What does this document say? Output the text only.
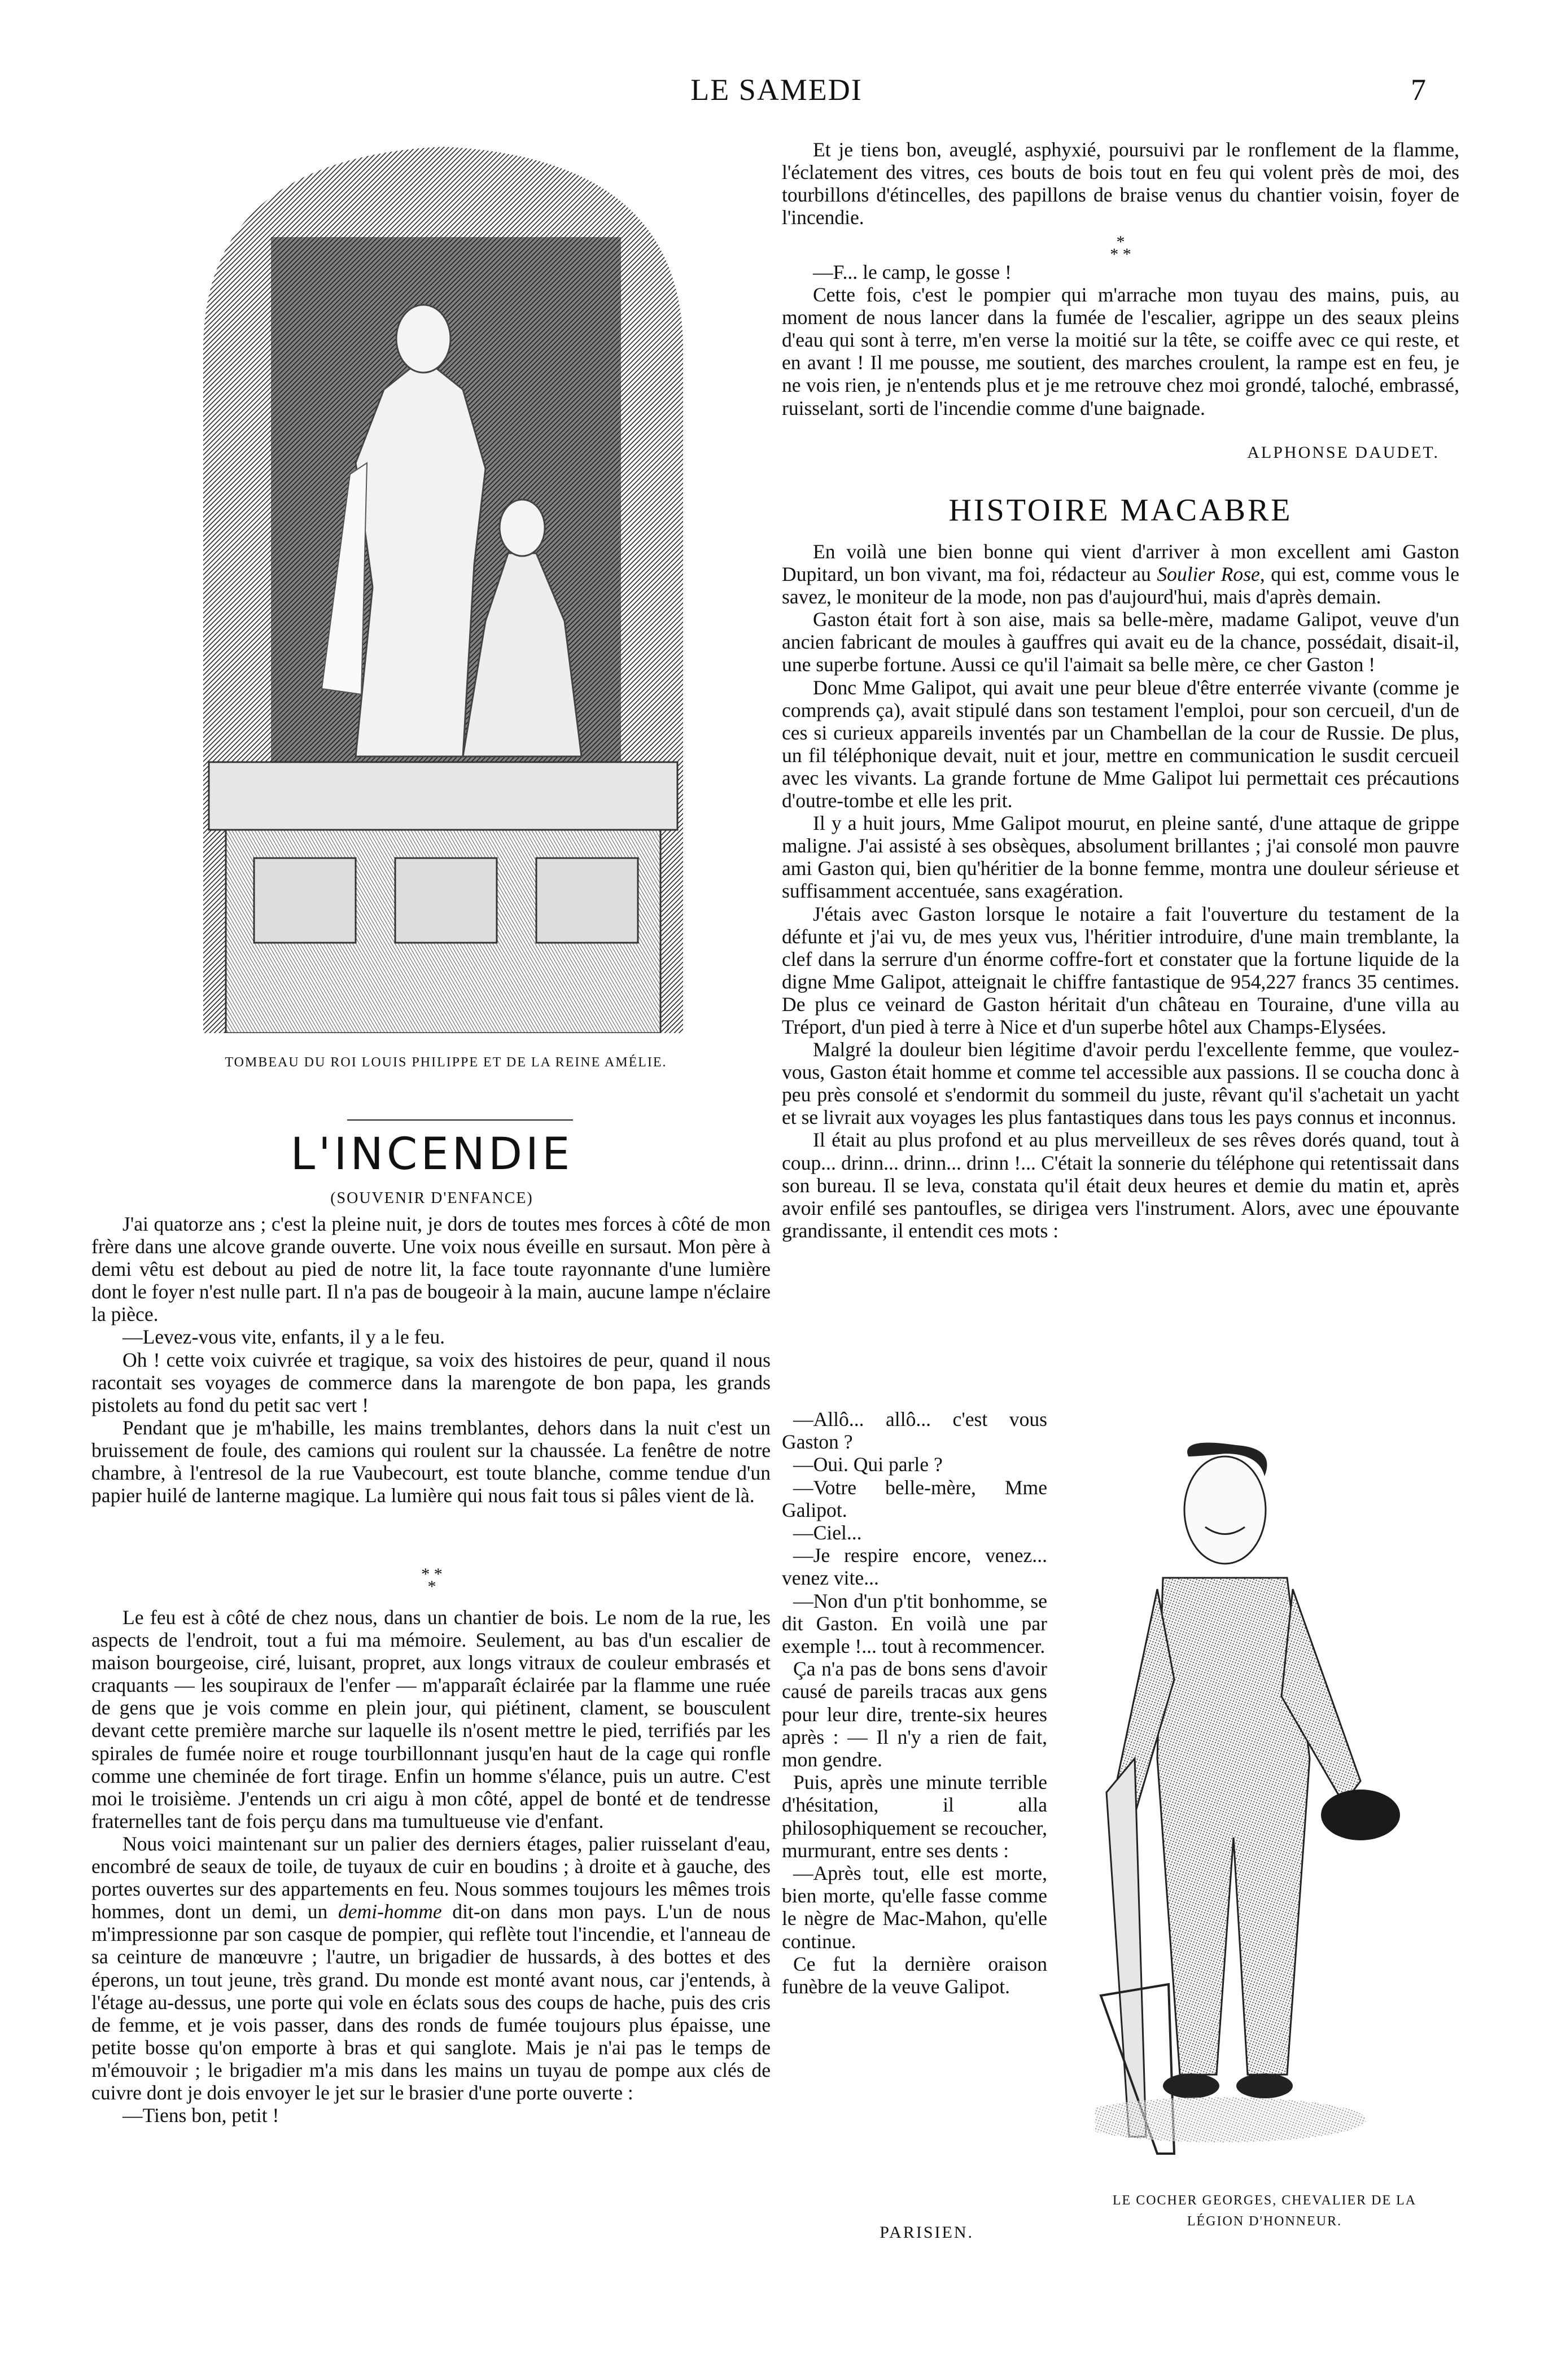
LE SAMEDI	7
TOMBEAU DU ROI LOUIS PHILIPPE ET DE LA REINE AMÉLIE.
L'INCENDIE
(SOUVENIR D'ENFANCE)

J'ai quatorze ans ; c'est la pleine nuit, je dors de toutes mes forces à côté de mon frère dans une alcove grande ouverte. Une voix nous éveille en sursaut. Mon père à demi vêtu est debout au pied de notre lit, la face toute rayonnante d'une lumière dont le foyer n'est nulle part. Il n'a pas de bougeoir à la main, aucune lampe n'éclaire la pièce.

—Levez-vous vite, enfants, il y a le feu.

Oh ! cette voix cuivrée et tragique, sa voix des histoires de peur, quand il nous racontait ses voyages de commerce dans la marengote de bon papa, les grands pistolets au fond du petit sac vert !

Pendant que je m'habille, les mains tremblantes, dehors dans la nuit c'est un bruissement de foule, des camions qui roulent sur la chaussée. La fenêtre de notre chambre, à l'entresol de la rue Vaubecourt, est toute blanche, comme tendue d'un papier huilé de lanterne magique. La lumière qui nous fait tous si pâles vient de là.

* *
*

Le feu est à côté de chez nous, dans un chantier de bois. Le nom de la rue, les aspects de l'endroit, tout a fui ma mémoire. Seulement, au bas d'un escalier de maison bourgeoise, ciré, luisant, propret, aux longs vitraux de couleur embrasés et craquants — les soupiraux de l'enfer — m'apparaît éclairée par la flamme une ruée de gens que je vois comme en plein jour, qui piétinent, clament, se bousculent devant cette première marche sur laquelle ils n'osent mettre le pied, terrifiés par les spirales de fumée noire et rouge tourbillonnant jusqu'en haut de la cage qui ronfle comme une cheminée de fort tirage. Enfin un homme s'élance, puis un autre. C'est moi le troisième. J'entends un cri aigu à mon côté, appel de bonté et de tendresse fraternelles tant de fois perçu dans ma tumultueuse vie d'enfant.

Nous voici maintenant sur un palier des derniers étages, palier ruisselant d'eau, encombré de seaux de toile, de tuyaux de cuir en boudins ; à droite et à gauche, des portes ouvertes sur des appartements en feu. Nous sommes toujours les mêmes trois hommes, dont un demi, un demi-homme dit-on dans mon pays. L'un de nous m'impressionne par son casque de pompier, qui reflète tout l'incendie, et l'anneau de sa ceinture de manœuvre ; l'autre, un brigadier de hussards, à des bottes et des éperons, un tout jeune, très grand. Du monde est monté avant nous, car j'entends, à l'étage au-dessus, une porte qui vole en éclats sous des coups de hache, puis des cris de femme, et je vois passer, dans des ronds de fumée toujours plus épaisse, une petite bosse qu'on emporte à bras et qui sanglote. Mais je n'ai pas le temps de m'émouvoir ; le brigadier m'a mis dans les mains un tuyau de pompe aux clés de cuivre dont je dois envoyer le jet sur le brasier d'une porte ouverte :

—Tiens bon, petit !

Et je tiens bon, aveuglé, asphyxié, poursuivi par le ronflement de la flamme, l'éclatement des vitres, ces bouts de bois tout en feu qui volent près de moi, des tourbillons d'étincelles, des papillons de braise venus du chantier voisin, foyer de l'incendie.

*
* *

—F... le camp, le gosse !

Cette fois, c'est le pompier qui m'arrache mon tuyau des mains, puis, au moment de nous lancer dans la fumée de l'escalier, agrippe un des seaux pleins d'eau qui sont à terre, m'en verse la moitié sur la tête, se coiffe avec ce qui reste, et en avant ! Il me pousse, me soutient, des marches croulent, la rampe est en feu, je ne vois rien, je n'entends plus et je me retrouve chez moi grondé, taloché, embrassé, ruisselant, sorti de l'incendie comme d'une baignade.

ALPHONSE DAUDET.
HISTOIRE MACABRE

En voilà une bien bonne qui vient d'arriver à mon excellent ami Gaston Dupitard, un bon vivant, ma foi, rédacteur au Soulier Rose, qui est, comme vous le savez, le moniteur de la mode, non pas d'aujourd'hui, mais d'après demain.

Gaston était fort à son aise, mais sa belle-mère, madame Galipot, veuve d'un ancien fabricant de moules à gauffres qui avait eu de la chance, possédait, disait-il, une superbe fortune. Aussi ce qu'il l'aimait sa belle mère, ce cher Gaston !

Donc Mme Galipot, qui avait une peur bleue d'être enterrée vivante (comme je comprends ça), avait stipulé dans son testament l'emploi, pour son cercueil, d'un de ces si curieux appareils inventés par un Chambellan de la cour de Russie. De plus, un fil téléphonique devait, nuit et jour, mettre en communication le susdit cercueil avec les vivants. La grande fortune de Mme Galipot lui permettait ces précautions d'outre-tombe et elle les prit.

Il y a huit jours, Mme Galipot mourut, en pleine santé, d'une attaque de grippe maligne. J'ai assisté à ses obsèques, absolument brillantes ; j'ai consolé mon pauvre ami Gaston qui, bien qu'héritier de la bonne femme, montra une douleur sérieuse et suffisamment accentuée, sans exagération.

J'étais avec Gaston lorsque le notaire a fait l'ouverture du testament de la défunte et j'ai vu, de mes yeux vus, l'héritier introduire, d'une main tremblante, la clef dans la serrure d'un énorme coffre-fort et constater que la fortune liquide de la digne Mme Galipot, atteignait le chiffre fantastique de 954,227 francs 35 centimes. De plus ce veinard de Gaston héritait d'un château en Touraine, d'une villa au Tréport, d'un pied à terre à Nice et d'un superbe hôtel aux Champs-Elysées.

Malgré la douleur bien légitime d'avoir perdu l'excellente femme, que voulez-vous, Gaston était homme et comme tel accessible aux passions. Il se coucha donc à peu près consolé et s'endormit du sommeil du juste, rêvant qu'il s'achetait un yacht et se livrait aux voyages les plus fantastiques dans tous les pays connus et inconnus.

Il était au plus profond et au plus merveilleux de ses rêves dorés quand, tout à coup... drinn... drinn... drinn !... C'était la sonnerie du téléphone qui retentissait dans son bureau. Il se leva, constata qu'il était deux heures et demie du matin et, après avoir enfilé ses pantoufles, se dirigea vers l'instrument. Alors, avec une épouvante grandissante, il entendit ces mots :

—Allô... allô... c'est vous Gaston ?

—Oui. Qui parle ?

—Votre belle-mère, Mme Galipot.

—Ciel...

—Je respire encore, venez... venez vite...

—Non d'un p'tit bonhomme, se dit Gaston. En voilà une par exemple !... tout à recommencer.

Ça n'a pas de bons sens d'avoir causé de pareils tracas aux gens pour leur dire, trente-six heures après : — Il n'y a rien de fait, mon gendre.

Puis, après une minute terrible d'hésitation, il alla philosophiquement se recoucher, murmurant, entre ses dents :

—Après tout, elle est morte, bien morte, qu'elle fasse comme le nègre de Mac-Mahon, qu'elle continue.

Ce fut la dernière oraison funèbre de la veuve Galipot.

PARISIEN.
LE COCHER GEORGES, CHEVALIER DE LA
LÉGION D'HONNEUR.
